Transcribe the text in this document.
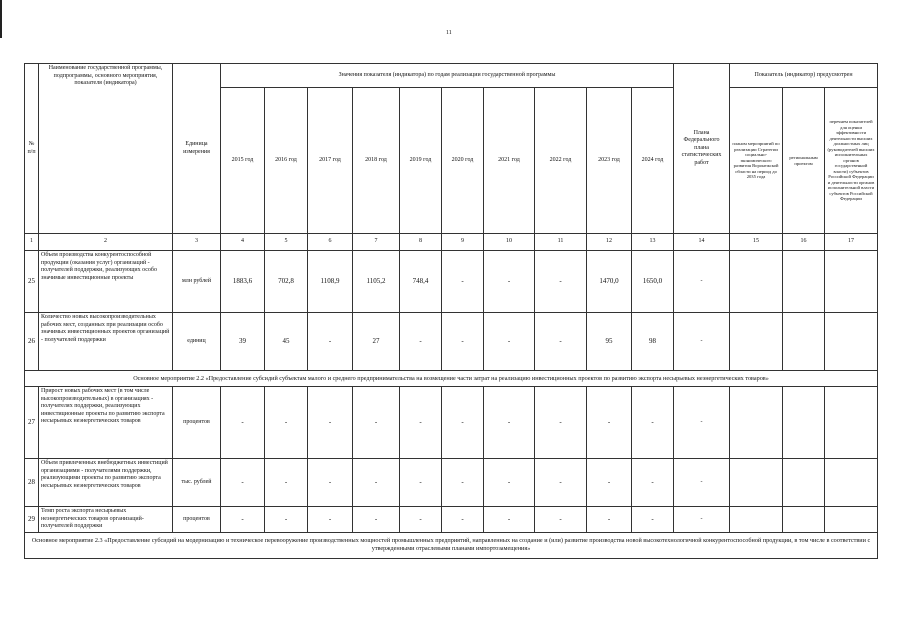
11
№ п/п	Наименование государственной программы, подпрограммы, основного мероприятия, показателя (индикатора)	Единица измерения	Значения показателя (индикатора) по годам реализации государственной программы										Плана Федерального плана статистических работ	Показатель (индикатор) предусмотрен		
			2015 год	2016 год	2017 год	2018 год	2019 год	2020 год	2021 год	2022 год	2023 год	2024 год		планом мероприятий по реализации Стратегии социально-экономического развития Воронежской области на период до 2035 года	региональным проектом	перечнем показателей для оценки эффективности деятельности высших должностных лиц (руководителей высших исполнительных органов государственной власти) субъектов Российской Федерации и деятельности органов исполнительной власти субъектов Российской Федерации
1	2	3	4	5	6	7	8	9	10	11	12	13	14	15	16	17
25	Объем производства конкурентоспособной продукции (оказания услуг) организаций - получателей поддержки, реализующих особо значимые инвестиционные проекты	млн рублей	1883,6	702,8	1108,9	1105,2	748,4	-	-	-	1470,0	1650,0	-			
26	Количество новых высокопроизводительных рабочих мест, созданных при реализации особо значимых инвестиционных проектов организаций - получателей поддержки	единиц	39	45	-	27	-	-	-	-	95	98	-			
Основное мероприятие 2.2 «Предоставление субсидий субъектам малого и среднего предпринимательства на возмещение части затрат на реализацию инвестиционных проектов по развитию экспорта несырьевых неэнергетических товаров»																
27	Прирост новых рабочих мест (в том числе высокопроизводительных) в организациях - получателях поддержки, реализующих инвестиционные проекты по развитию экспорта несырьевых неэнергетических товаров	процентов	-	-	-	-	-	-	-	-	-	-	-			
28	Объем привлеченных внебюджетных инвестиций организациями - получателями поддержки, реализующими проекты по развитию экспорта несырьевых неэнергетических товаров	тыс. рублей	-	-	-	-	-	-	-	-	-	-	-			
29	Темп роста экспорта несырьевых неэнергетических товаров организаций-получателей поддержки	процентов	-	-	-	-	-	-	-	-	-	-	-			
Основное мероприятие 2.3 «Предоставление субсидий на модернизацию и техническое перевооружение производственных мощностей промышленных предприятий, направленных на создание и (или) развитие производства новой высокотехнологичной конкурентоспособной продукции, в том числе в соответствии с утвержденными отраслевыми планами импортозамещения»																
